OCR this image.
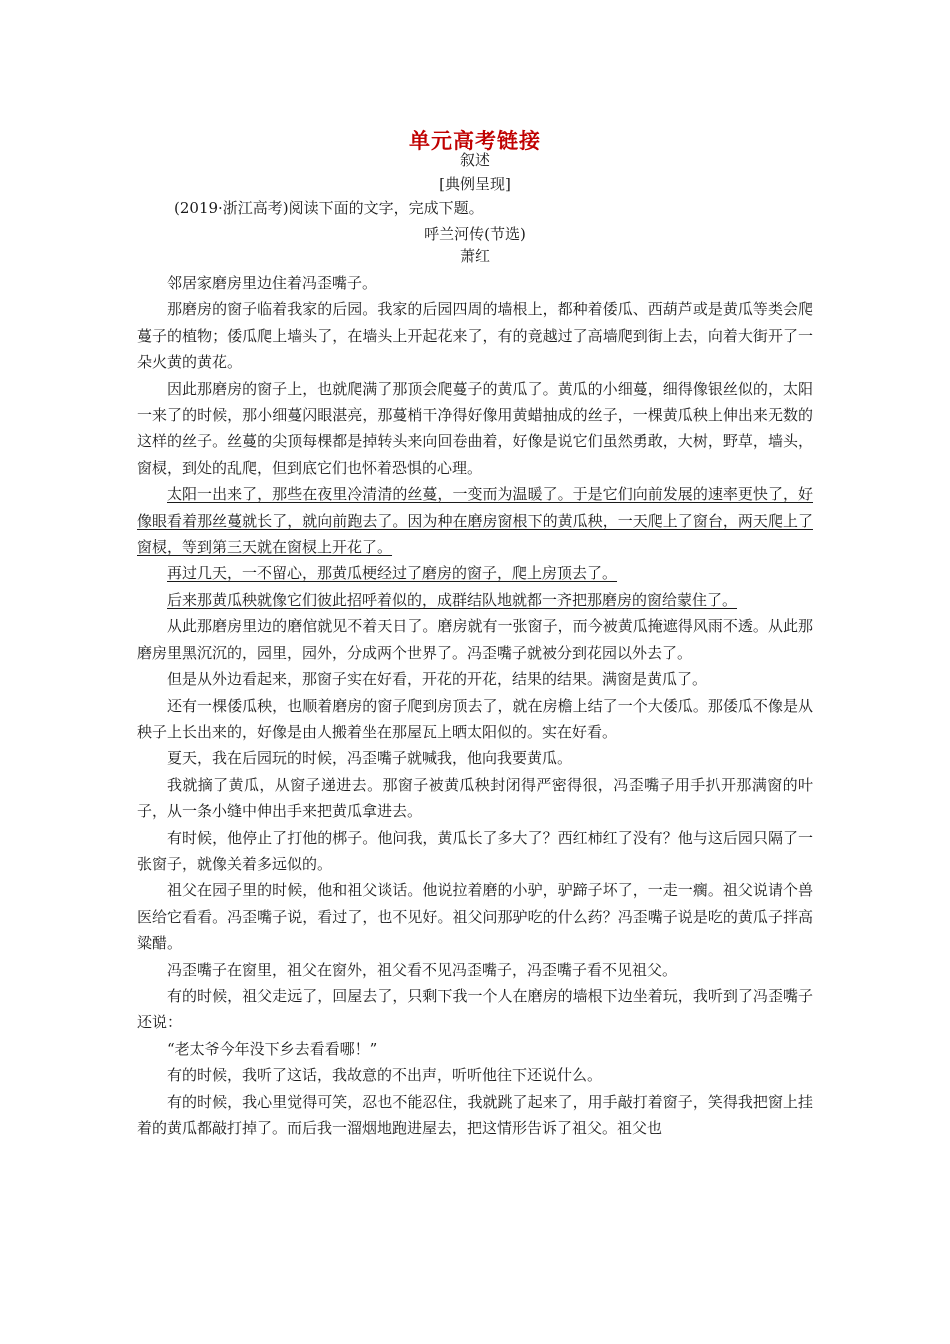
单元高考链接
叙述
[典例呈现]
(2019·浙江高考)阅读下面的文字，完成下题。
呼兰河传(节选)
萧红

邻居家磨房里边住着冯歪嘴子。

那磨房的窗子临着我家的后园。我家的后园四周的墙根上，都种着倭瓜、西葫芦或是黄瓜等类会爬蔓子的植物；倭瓜爬上墙头了，在墙头上开起花来了，有的竟越过了高墙爬到街上去，向着大街开了一朵火黄的黄花。

因此那磨房的窗子上，也就爬满了那顶会爬蔓子的黄瓜了。黄瓜的小细蔓，细得像银丝似的，太阳一来了的时候，那小细蔓闪眼湛亮，那蔓梢干净得好像用黄蜡抽成的丝子，一棵黄瓜秧上伸出来无数的这样的丝子。丝蔓的尖顶每棵都是掉转头来向回卷曲着，好像是说它们虽然勇敢，大树，野草，墙头，窗棂，到处的乱爬，但到底它们也怀着恐惧的心理。

太阳一出来了，那些在夜里冷清清的丝蔓，一变而为温暖了。于是它们向前发展的速率更快了，好像眼看着那丝蔓就长了，就向前跑去了。因为种在磨房窗根下的黄瓜秧，一天爬上了窗台，两天爬上了窗棂，等到第三天就在窗棂上开花了。

再过几天，一不留心，那黄瓜梗经过了磨房的窗子，爬上房顶去了。

后来那黄瓜秧就像它们彼此招呼着似的，成群结队地就都一齐把那磨房的窗给蒙住了。

从此那磨房里边的磨倌就见不着天日了。磨房就有一张窗子，而今被黄瓜掩遮得风雨不透。从此那磨房里黑沉沉的，园里，园外，分成两个世界了。冯歪嘴子就被分到花园以外去了。

但是从外边看起来，那窗子实在好看，开花的开花，结果的结果。满窗是黄瓜了。

还有一棵倭瓜秧，也顺着磨房的窗子爬到房顶去了，就在房檐上结了一个大倭瓜。那倭瓜不像是从秧子上长出来的，好像是由人搬着坐在那屋瓦上晒太阳似的。实在好看。

夏天，我在后园玩的时候，冯歪嘴子就喊我，他向我要黄瓜。

我就摘了黄瓜，从窗子递进去。那窗子被黄瓜秧封闭得严密得很，冯歪嘴子用手扒开那满窗的叶子，从一条小缝中伸出手来把黄瓜拿进去。

有时候，他停止了打他的梆子。他问我，黄瓜长了多大了？西红柿红了没有？他与这后园只隔了一张窗子，就像关着多远似的。

祖父在园子里的时候，他和祖父谈话。他说拉着磨的小驴，驴蹄子坏了，一走一瘸。祖父说请个兽医给它看看。冯歪嘴子说，看过了，也不见好。祖父问那驴吃的什么药？冯歪嘴子说是吃的黄瓜子拌高粱醋。

冯歪嘴子在窗里，祖父在窗外，祖父看不见冯歪嘴子，冯歪嘴子看不见祖父。

有的时候，祖父走远了，回屋去了，只剩下我一个人在磨房的墙根下边坐着玩，我听到了冯歪嘴子还说：

“老太爷今年没下乡去看看哪！”

有的时候，我听了这话，我故意的不出声，听听他往下还说什么。

有的时候，我心里觉得可笑，忍也不能忍住，我就跳了起来了，用手敲打着窗子，笑得我把窗上挂着的黄瓜都敲打掉了。而后我一溜烟地跑进屋去，把这情形告诉了祖父。祖父也
